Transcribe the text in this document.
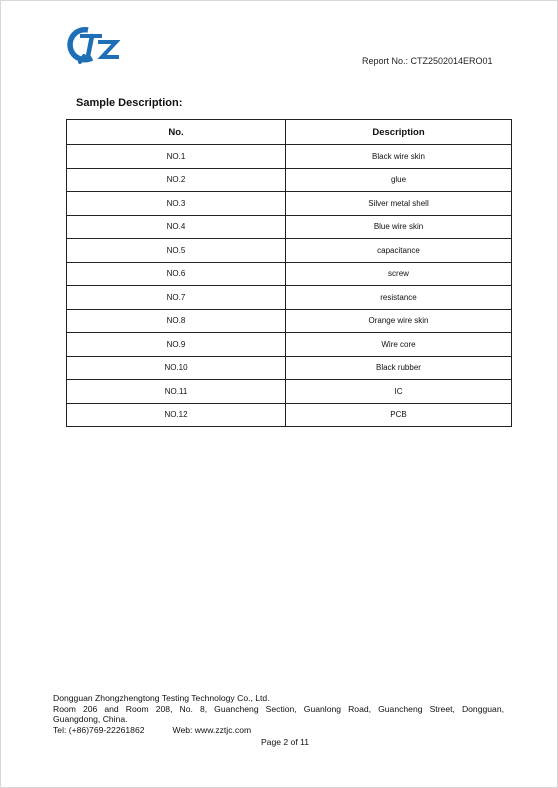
Report No.: CTZ2502014ERO01
Sample Description:
No.	Description
NO.1	Black wire skin
NO.2	glue
NO.3	Silver metal shell
NO.4	Blue wire skin
NO.5	capacitance
NO.6	screw
NO.7	resistance
NO.8	Orange wire skin
NO.9	Wire core
NO.10	Black rubber
NO.11	IC
NO.12	PCB
Dongguan Zhongzhengtong Testing Technology Co., Ltd.
Room 206 and Room 208, No. 8, Guancheng Section, Guanlong Road, Guancheng Street, Dongguan,
Guangdong, China.
Tel: (+86)769-22261862	Web: www.zztjc.com
Page 2 of 11
